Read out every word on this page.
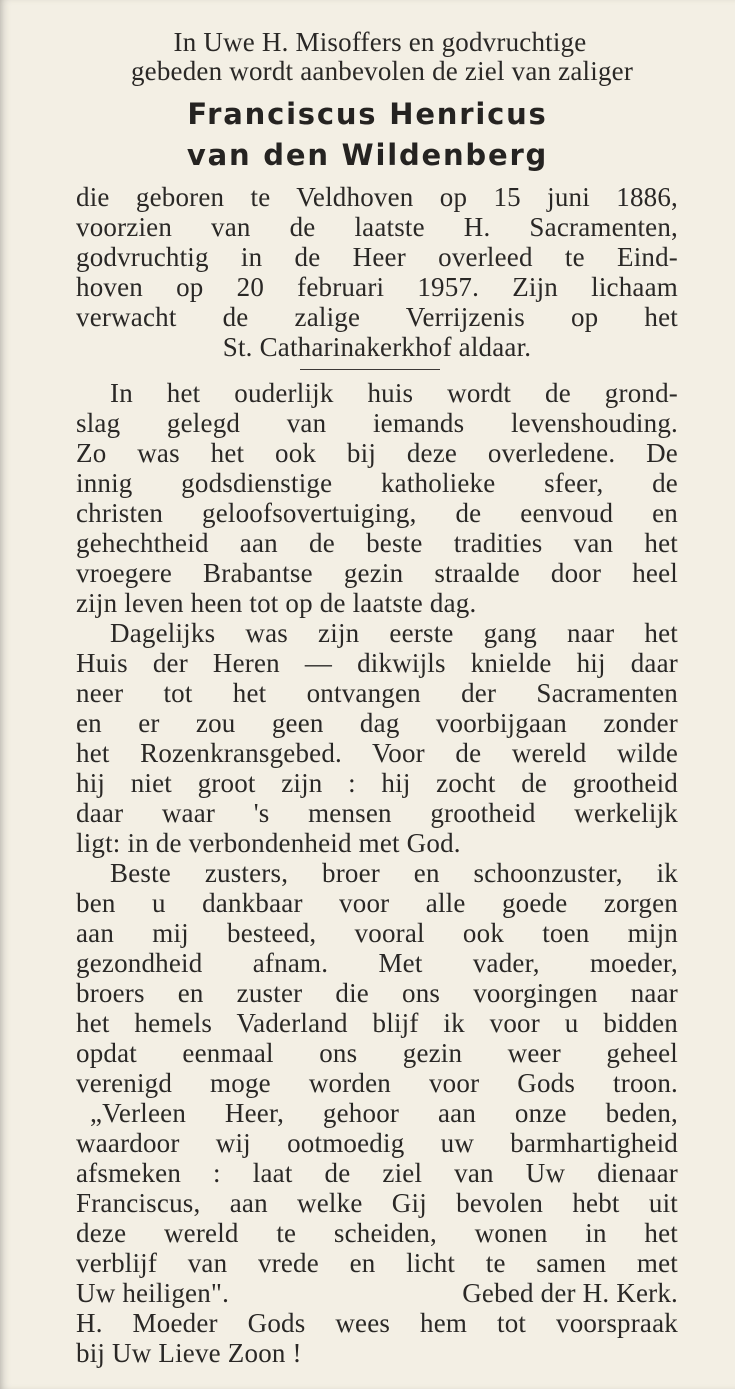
In Uwe H. Misoffers en godvruchtige
gebeden wordt aanbevolen de ziel van zaliger
Franciscus Henricus
van den Wildenberg
die geboren te Veldhoven op 15 juni 1886,
voorzien van de laatste H. Sacramenten,
godvruchtig in de Heer overleed te Eind-
hoven op 20 februari 1957. Zijn lichaam
verwacht de zalige Verrijzenis op het
St. Catharinakerkhof aldaar.
In het ouderlijk huis wordt de grond-
slag gelegd van iemands levenshouding.
Zo was het ook bij deze overledene. De
innig godsdienstige katholieke sfeer, de
christen geloofsovertuiging, de eenvoud en
gehechtheid aan de beste tradities van het
vroegere Brabantse gezin straalde door heel
zijn leven heen tot op de laatste dag.
Dagelijks was zijn eerste gang naar het
Huis der Heren — dikwijls knielde hij daar
neer tot het ontvangen der Sacramenten
en er zou geen dag voorbijgaan zonder
het Rozenkransgebed. Voor de wereld wilde
hij niet groot zijn : hij zocht de grootheid
daar waar 's mensen grootheid werkelijk
ligt: in de verbondenheid met God.
Beste zusters, broer en schoonzuster, ik
ben u dankbaar voor alle goede zorgen
aan mij besteed, vooral ook toen mijn
gezondheid afnam. Met vader, moeder,
broers en zuster die ons voorgingen naar
het hemels Vaderland blijf ik voor u bidden
opdat eenmaal ons gezin weer geheel
verenigd moge worden voor Gods troon.
„Verleen Heer, gehoor aan onze beden,
waardoor wij ootmoedig uw barmhartigheid
afsmeken : laat de ziel van Uw dienaar
Franciscus, aan welke Gij bevolen hebt uit
deze wereld te scheiden, wonen in het
verblijf van vrede en licht te samen met
Uw heiligen".	Gebed der H. Kerk.
H. Moeder Gods wees hem tot voorspraak
bij Uw Lieve Zoon !
